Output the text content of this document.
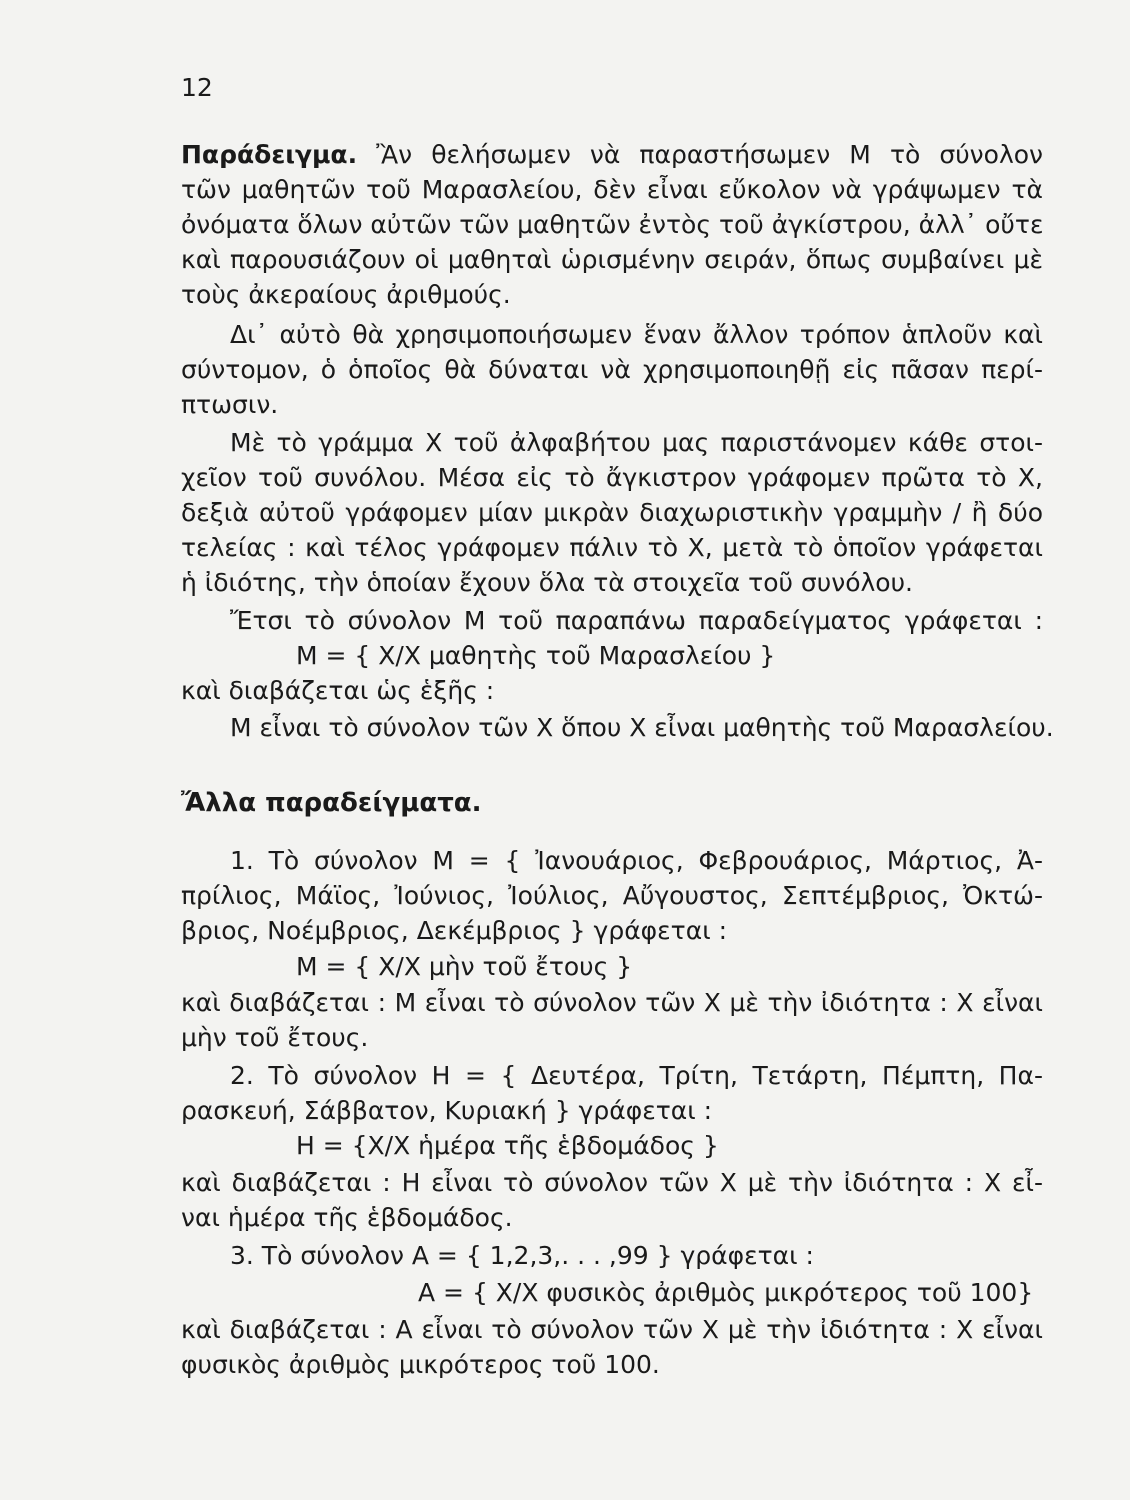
12
Παράδειγμα. Ἂν θελήσωμεν νὰ παραστήσωμεν Μ τὸ σύνολον
τῶν μαθητῶν τοῦ Μαρασλείου, δὲν εἶναι εὔκολον νὰ γράψωμεν τὰ
ὀνόματα ὅλων αὐτῶν τῶν μαθητῶν ἐντὸς τοῦ ἀγκίστρου, ἀλλ᾿ οὔτε
καὶ παρουσιάζουν οἱ μαθηταὶ ὡρισμένην σειράν, ὅπως συμβαίνει μὲ
τοὺς ἀκεραίους ἀριθμούς.
Δι᾿ αὐτὸ θὰ χρησιμοποιήσωμεν ἕναν ἄλλον τρόπον ἁπλοῦν καὶ
σύντομον, ὁ ὁποῖος θὰ δύναται νὰ χρησιμοποιηθῇ εἰς πᾶσαν περί-
πτωσιν.
Μὲ τὸ γράμμα Χ τοῦ ἀλφαβήτου μας παριστάνομεν κάθε στοι-
χεῖον τοῦ συνόλου. Μέσα εἰς τὸ ἄγκιστρον γράφομεν πρῶτα τὸ Χ,
δεξιὰ αὐτοῦ γράφομεν μίαν μικρὰν διαχωριστικὴν γραμμὴν / ἢ δύο
τελείας : καὶ τέλος γράφομεν πάλιν τὸ Χ, μετὰ τὸ ὁποῖον γράφεται
ἡ ἰδιότης, τὴν ὁποίαν ἔχουν ὅλα τὰ στοιχεῖα τοῦ συνόλου.
Ἔτσι τὸ σύνολον Μ τοῦ παραπάνω παραδείγματος γράφεται :
Μ = { Χ/Χ μαθητὴς τοῦ Μαρασλείου }
καὶ διαβάζεται ὡς ἑξῆς :
Μ εἶναι τὸ σύνολον τῶν Χ ὅπου Χ εἶναι μαθητὴς τοῦ Μαρασλείου.
Ἄλλα παραδείγματα.
1. Τὸ σύνολον Μ = { Ἰανουάριος, Φεβρουάριος, Μάρτιος, Ἀ-
πρίλιος, Μάϊος, Ἰούνιος, Ἰούλιος, Αὔγουστος, Σεπτέμβριος, Ὀκτώ-
βριος, Νοέμβριος, Δεκέμβριος } γράφεται :
Μ = { Χ/Χ μὴν τοῦ ἔτους }
καὶ διαβάζεται : Μ εἶναι τὸ σύνολον τῶν Χ μὲ τὴν ἰδιότητα : Χ εἶναι
μὴν τοῦ ἔτους.
2. Τὸ σύνολον Η = { Δευτέρα, Τρίτη, Τετάρτη, Πέμπτη, Πα-
ρασκευή, Σάββατον, Κυριακή } γράφεται :
Η = {Χ/Χ ἡμέρα τῆς ἑβδομάδος }
καὶ διαβάζεται : Η εἶναι τὸ σύνολον τῶν Χ μὲ τὴν ἰδιότητα : Χ εἶ-
ναι ἡμέρα τῆς ἑβδομάδος.
3. Τὸ σύνολον Α = { 1,2,3,. . . ,99 } γράφεται :
Α = { Χ/Χ φυσικὸς ἀριθμὸς μικρότερος τοῦ 100}
καὶ διαβάζεται : Α εἶναι τὸ σύνολον τῶν Χ μὲ τὴν ἰδιότητα : Χ εἶναι
φυσικὸς ἀριθμὸς μικρότερος τοῦ 100.
